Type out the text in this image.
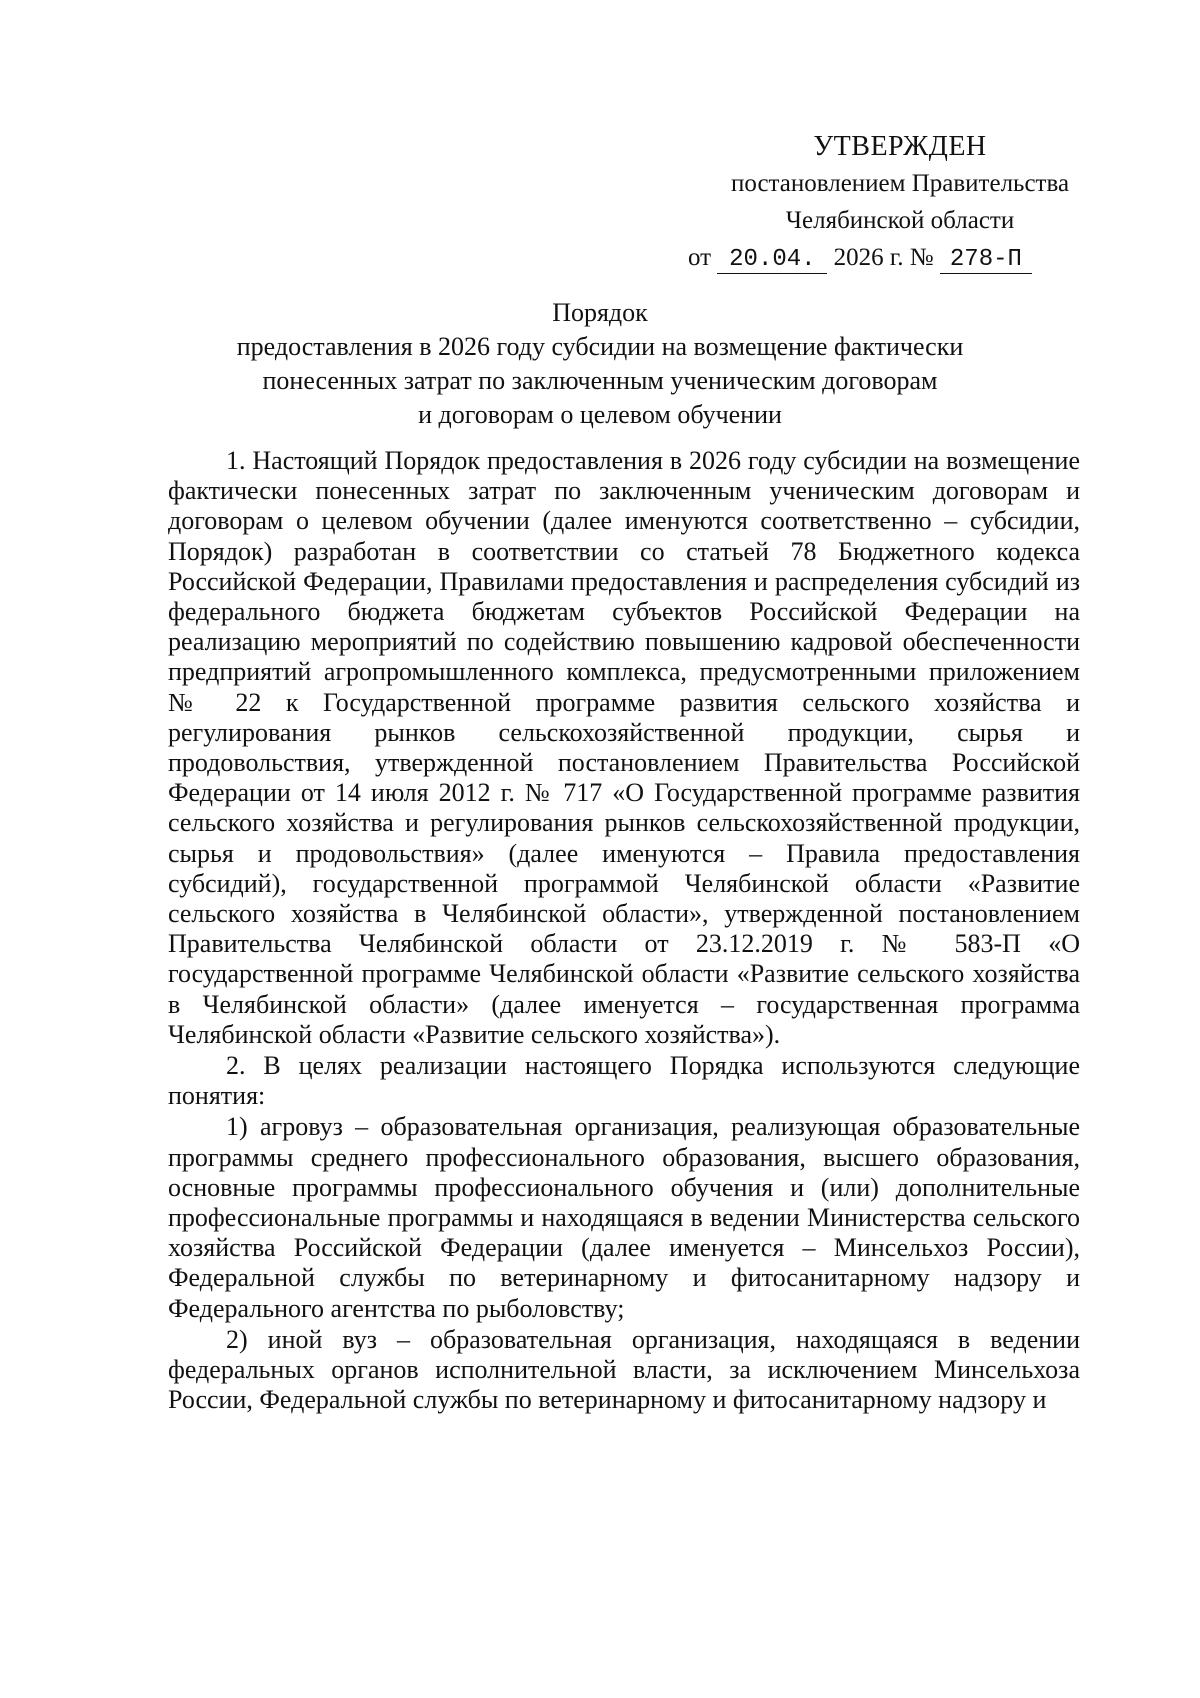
УТВЕРЖДЕН
постановлением Правительства
Челябинской области
от 20.04. 2026 г. № 278-П
Порядок
предоставления в 2026 году субсидии на возмещение фактически
понесенных затрат по заключенным ученическим договорам
и договорам о целевом обучении

1. Настоящий Порядок предоставления в 2026 году субсидии на возмещение фактически понесенных затрат по заключенным ученическим договорам и договорам о целевом обучении (далее именуются соответственно – субсидии, Порядок) разработан в соответствии со статьей 78 Бюджетного кодекса Российской Федерации, Правилами предоставления и распределения субсидий из федерального бюджета бюджетам субъектов Российской Федерации на реализацию мероприятий по содействию повышению кадровой обеспеченности предприятий агропромышленного комплекса, предусмотренными приложением № 22 к Государственной программе развития сельского хозяйства и регулирования рынков сельскохозяйственной продукции, сырья и продовольствия, утвержденной постановлением Правительства Российской Федерации от 14 июля 2012 г. № 717 «О Государственной программе развития сельского хозяйства и регулирования рынков сельскохозяйственной продукции, сырья и продовольствия» (далее именуются – Правила предоставления субсидий), государственной программой Челябинской области «Развитие сельского хозяйства в Челябинской области», утвержденной постановлением Правительства Челябинской области от 23.12.2019 г. № 583-П «О государственной программе Челябинской области «Развитие сельского хозяйства в Челябинской области» (далее именуется – государственная программа Челябинской области «Развитие сельского хозяйства»).

2. В целях реализации настоящего Порядка используются следующие понятия:

1) агровуз – образовательная организация, реализующая образовательные программы среднего профессионального образования, высшего образования, основные программы профессионального обучения и (или) дополнительные профессиональные программы и находящаяся в ведении Министерства сельского хозяйства Российской Федерации (далее именуется – Минсельхоз России), Федеральной службы по ветеринарному и фитосанитарному надзору и Федерального агентства по рыболовству;

2) иной вуз – образовательная организация, находящаяся в ведении федеральных органов исполнительной власти, за исключением Минсельхоза России, Федеральной службы по ветеринарному и фитосанитарному надзору и
